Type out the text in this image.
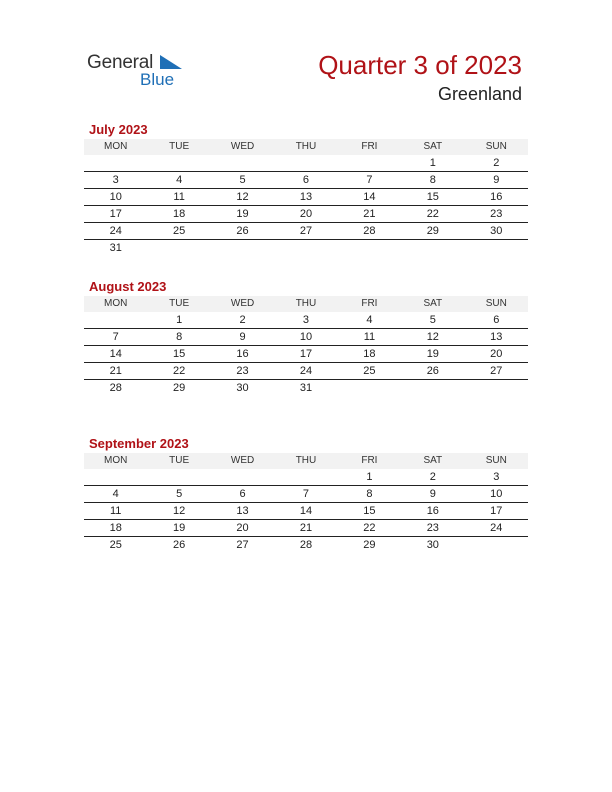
General
Blue	Quarter 3 of 2023
Greenland
July 2023
MON	TUE	WED	THU	FRI	SAT	SUN
					1	2
3	4	5	6	7	8	9
10	11	12	13	14	15	16
17	18	19	20	21	22	23
24	25	26	27	28	29	30
31						
August 2023
MON	TUE	WED	THU	FRI	SAT	SUN
	1	2	3	4	5	6
7	8	9	10	11	12	13
14	15	16	17	18	19	20
21	22	23	24	25	26	27
28	29	30	31			
September 2023
MON	TUE	WED	THU	FRI	SAT	SUN
				1	2	3
4	5	6	7	8	9	10
11	12	13	14	15	16	17
18	19	20	21	22	23	24
25	26	27	28	29	30	
